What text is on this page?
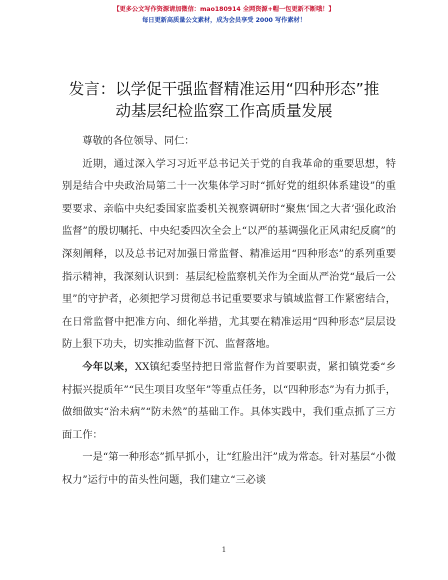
【更多公文写作资源请加微信：mao180914 全网资源+帽一包更新不断哦！】
每日更新高质量公文素材，成为会员享受 2000 写作素材！
发言：以学促干强监督精准运用“四种形态”推动基层纪检监察工作高质量发展

尊敬的各位领导、同仁：

近期，通过深入学习习近平总书记关于党的自我革命的重要思想，特别是结合中央政治局第二十一次集体学习时“抓好党的组织体系建设”的重要要求、亲临中央纪委国家监委机关视察调研时“聚焦‘国之大者’强化政治监督”的殷切嘱托、中央纪委四次全会上“以严的基调强化正风肃纪反腐”的深刻阐释，以及总书记对加强日常监督、精准运用“四种形态”的系列重要指示精神，我深刻认识到：基层纪检监察机关作为全面从严治党“最后一公里”的守护者，必须把学习贯彻总书记重要要求与镇域监督工作紧密结合，在日常监督中把准方向、细化举措，尤其要在精准运用“四种形态”层层设防上狠下功夫，切实推动监督下沉、监督落地。

今年以来，XX镇纪委坚持把日常监督作为首要职责，紧扣镇党委“乡村振兴提质年”“民生项目攻坚年”等重点任务，以“四种形态”为有力抓手，做细做实“治未病”“防未然”的基础工作。具体实践中，我们重点抓了三方面工作：

一是“第一种形态”抓早抓小，让“红脸出汗”成为常态。针对基层“小微权力”运行中的苗头性问题，我们建立“三必谈

1
